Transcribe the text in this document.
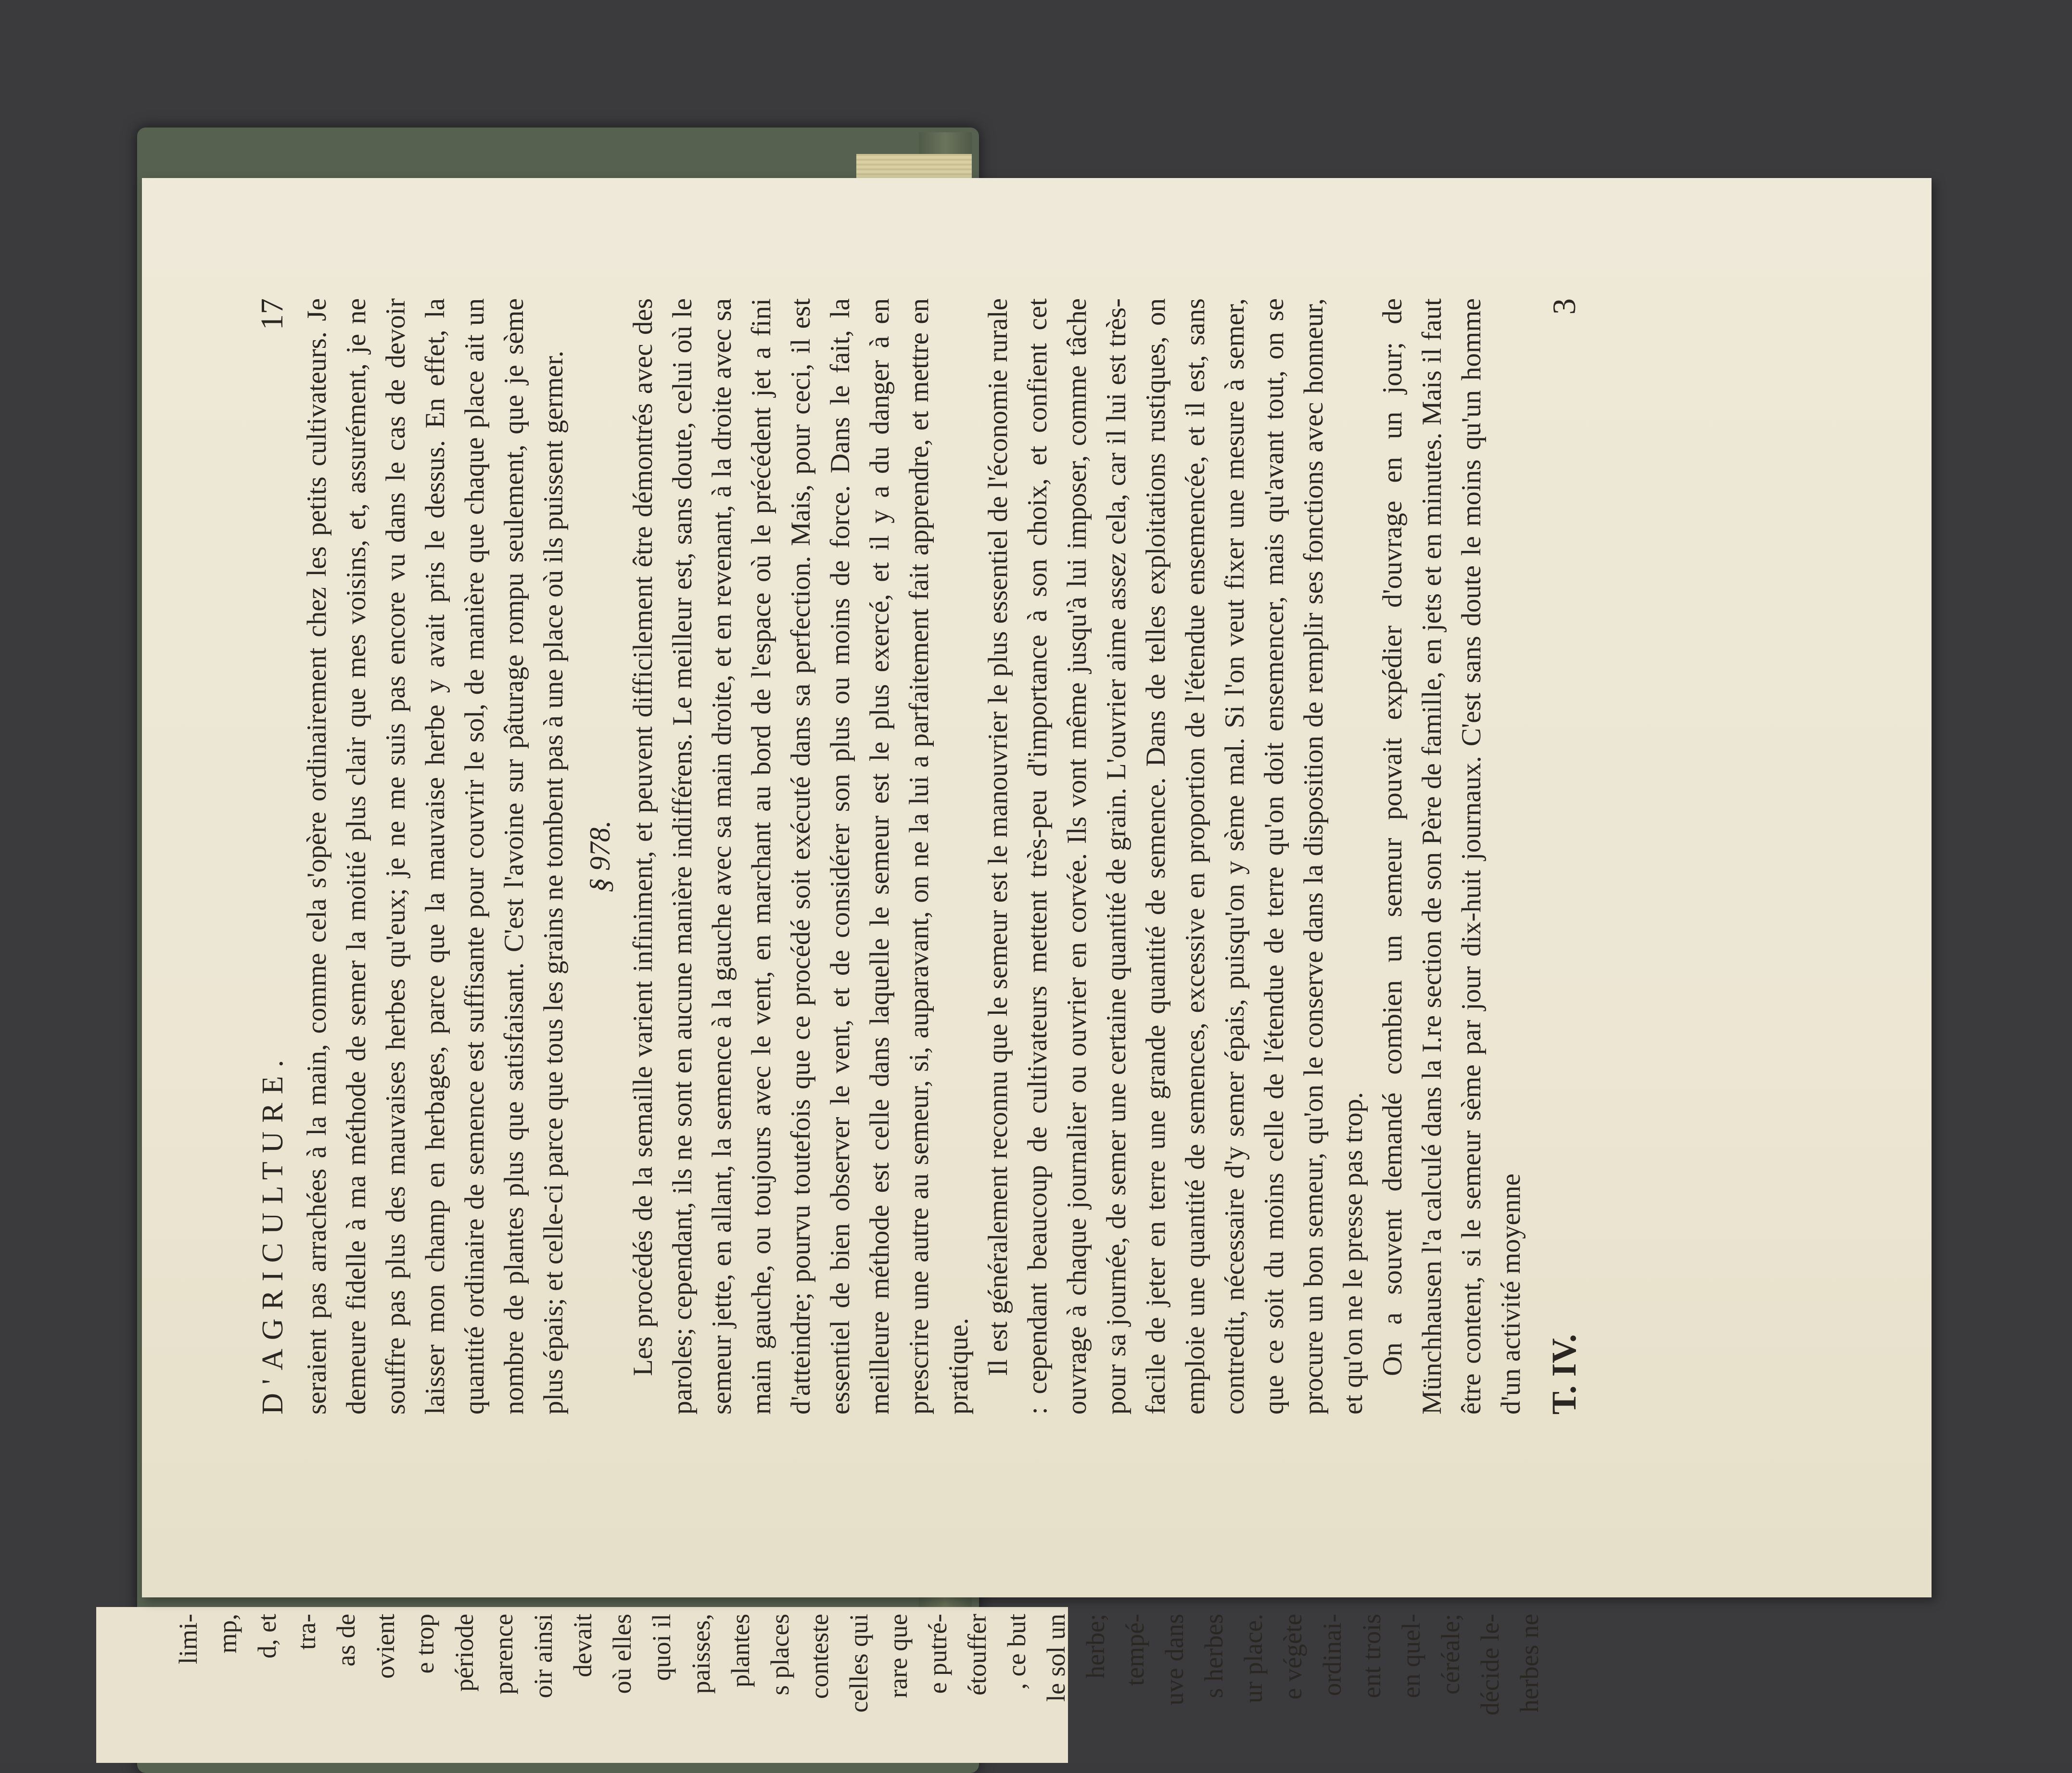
D'AGRICULTURE.
17 seraient pas arrachées à la main, comme cela s'opère ordinairement chez les petits cultivateurs. Je demeure fidelle à ma méthode de semer la moitié plus clair que mes voisins, et, assurément, je ne souffre pas plus des mauvaises herbes qu'eux; je ne me suis pas encore vu dans le cas de devoir laisser mon champ en herbages, parce que la mauvaise herbe y avait pris le dessus. En effet, la quantité ordinaire de semence est suffisante pour couvrir le sol, de manière que chaque place ait un nombre de plantes plus que satisfaisant. C'est l'avoine sur pâturage rompu seulement, que je sème plus épais; et celle-ci parce que tous les grains ne tombent pas à une place où ils puissent germer. § 978. Les procédés de la semaille varient infiniment, et peuvent difficilement être démontrés avec des paroles; cependant, ils ne sont en aucune manière indifférens. Le meilleur est, sans doute, celui où le semeur jette, en allant, la semence à la gauche avec sa main droite, et en revenant, à la droite avec sa main gauche, ou toujours avec le vent, en marchant au bord de l'espace où le précédent jet a fini d'atteindre; pourvu toutefois que ce procédé soit exécuté dans sa perfection. Mais, pour ceci, il est essentiel de bien observer le vent, et de considérer son plus ou moins de force. Dans le fait, la meilleure méthode est celle dans laquelle le semeur est le plus exercé, et il y a du danger à en prescrire une autre au semeur, si, auparavant, on ne la lui a parfaitement fait apprendre, et mettre en pratique. Il est généralement reconnu que le semeur est le manouvrier le plus essentiel de l'économie rurale : cependant beaucoup de cultivateurs mettent très-peu d'importance à son choix, et confient cet ouvrage à chaque journalier ou ouvrier en corvée. Ils vont même jusqu'à lui imposer, comme tâche pour sa journée, de semer une certaine quantité de grain. L'ouvrier aime assez cela, car il lui est très-facile de jeter en terre une grande quantité de semence. Dans de telles exploitations rustiques, on emploie une quantité de semences, excessive en proportion de l'étendue ensemencée, et il est, sans contredit, nécessaire d'y semer épais, puisqu'on y sème mal. Si l'on veut fixer une mesure à semer, que ce soit du moins celle de l'étendue de terre qu'on doit ensemencer, mais qu'avant tout, on se procure un bon semeur, qu'on le conserve dans la disposition de remplir ses fonctions avec honneur, et qu'on ne le presse pas trop. On a souvent demandé combien un semeur pouvait expédier d'ouvrage en un jour; de Münchhausen l'a calculé dans la I.re section de son Père de famille, en jets et en minutes. Mais il faut être content, si le semeur sème par jour dix-huit journaux. C'est sans doute le moins qu'un homme d'un activité moyenne T. IV.
3
limi- mp, d, et tra- as de ovient e trop période parence oir ainsi devait où elles quoi il paisses, plantes s places conteste celles qui rare que e putré- étouffer , ce but le sol un herbe; tempé- uve dans s herbes ur place. e végète ordinai- ent trois en quel- céréale; décide le- herbes ne
